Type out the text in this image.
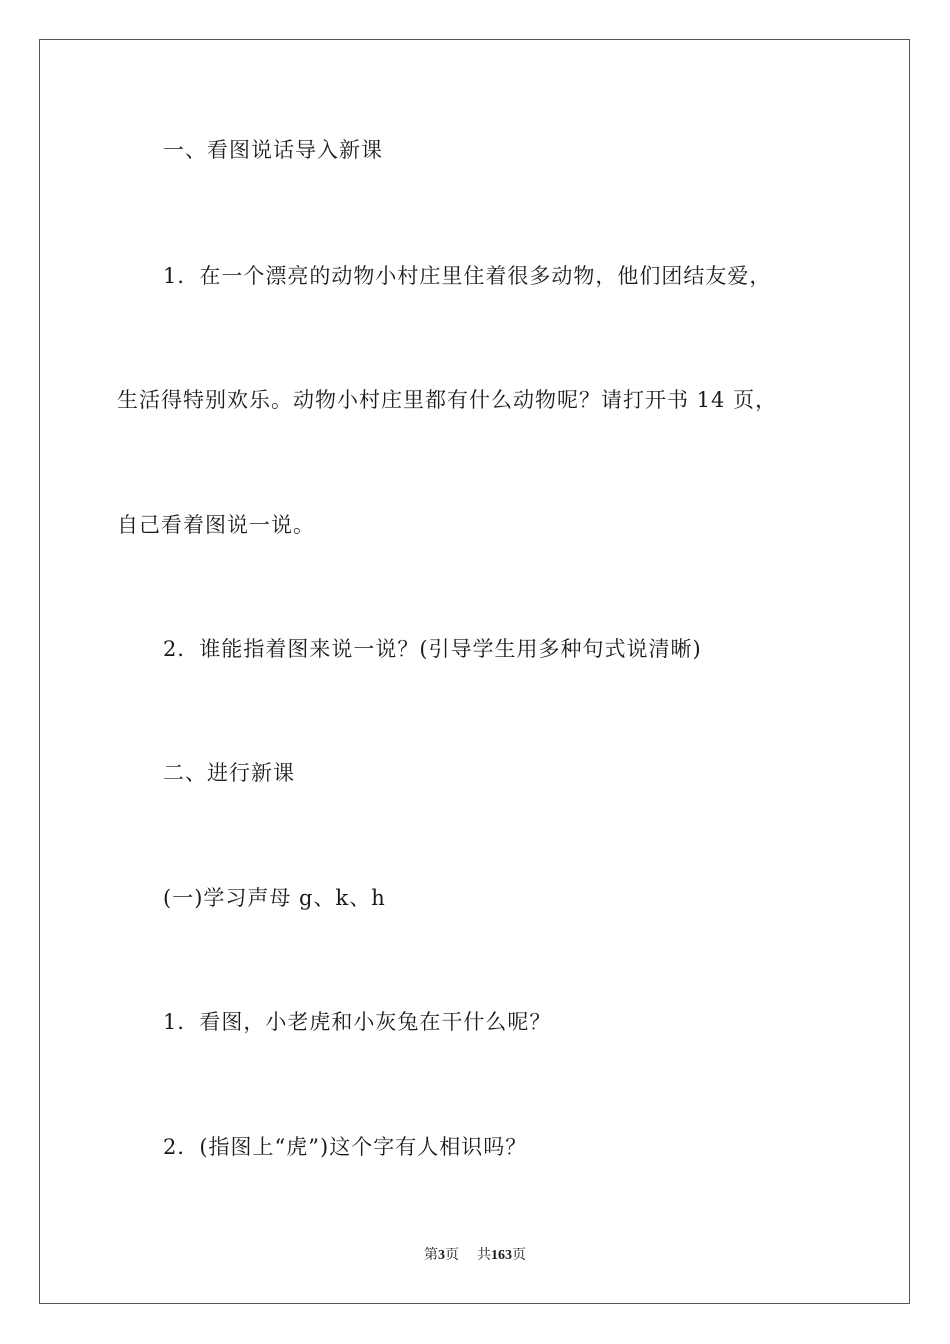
一、看图说话导入新课
1．在一个漂亮的动物小村庄里住着很多动物，他们团结友爱，
生活得特别欢乐。动物小村庄里都有什么动物呢？请打开书 14 页，
自己看着图说一说。
2．谁能指着图来说一说？(引导学生用多种句式说清晰)
二、进行新课
(一)学习声母 g、k、h
1．看图，小老虎和小灰兔在干什么呢？
2．(指图上“虎”)这个字有人相识吗？
第3页 共163页
